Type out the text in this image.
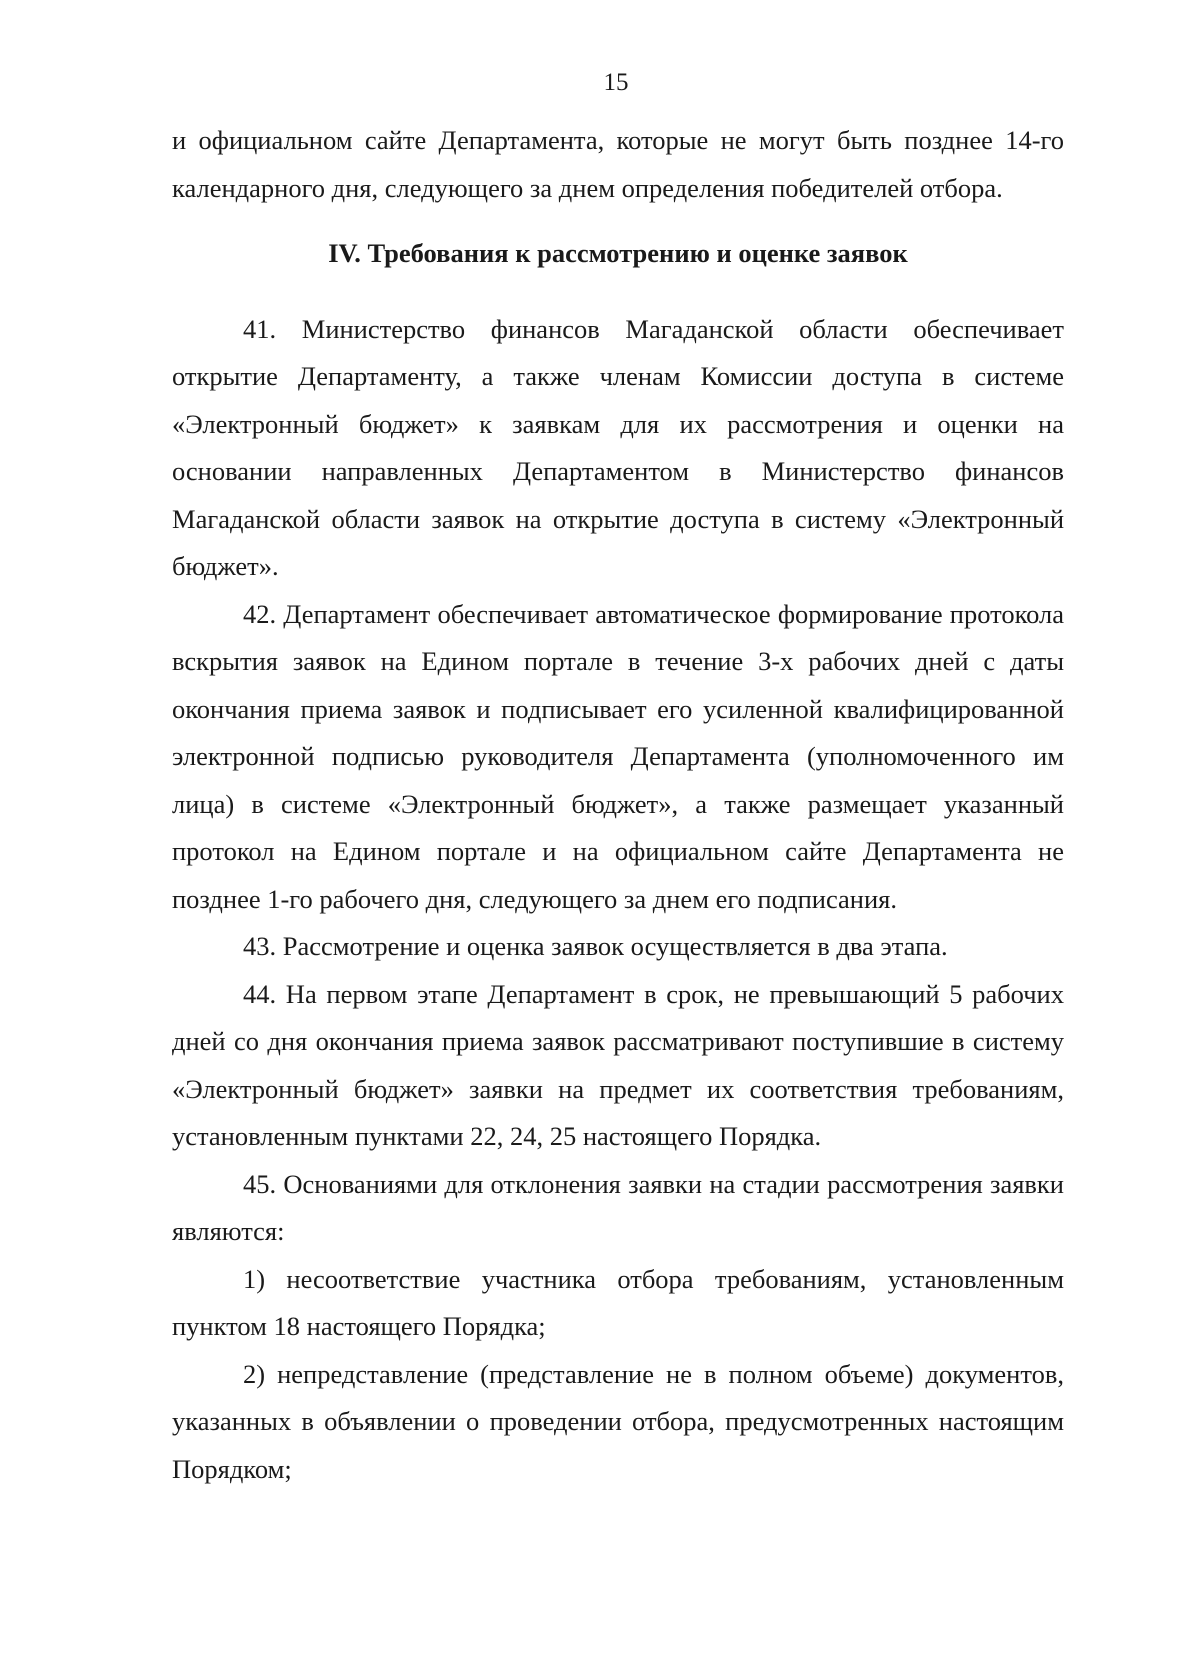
15

и официальном сайте Департамента, которые не могут быть позднее 14-го календарного дня, следующего за днем определения победителей отбора.

IV. Требования к рассмотрению и оценке заявок

41. Министерство финансов Магаданской области обеспечивает открытие Департаменту, а также членам Комиссии доступа в системе «Электронный бюджет» к заявкам для их рассмотрения и оценки на основании направленных Департаментом в Министерство финансов Магаданской области заявок на открытие доступа в систему «Электронный бюджет».

42. Департамент обеспечивает автоматическое формирование протокола вскрытия заявок на Едином портале в течение 3-х рабочих дней с даты окончания приема заявок и подписывает его усиленной квалифицированной электронной подписью руководителя Департамента (уполномоченного им лица) в системе «Электронный бюджет», а также размещает указанный протокол на Едином портале и на официальном сайте Департамента не позднее 1-го рабочего дня, следующего за днем его подписания.

43. Рассмотрение и оценка заявок осуществляется в два этапа.

44. На первом этапе Департамент в срок, не превышающий 5 рабочих дней со дня окончания приема заявок рассматривают поступившие в систему «Электронный бюджет» заявки на предмет их соответствия требованиям, установленным пунктами 22, 24, 25 настоящего Порядка.

45. Основаниями для отклонения заявки на стадии рассмотрения заявки являются:

1) несоответствие участника отбора требованиям, установленным пунктом 18 настоящего Порядка;

2) непредставление (представление не в полном объеме) документов, указанных в объявлении о проведении отбора, предусмотренных настоящим Порядком;
